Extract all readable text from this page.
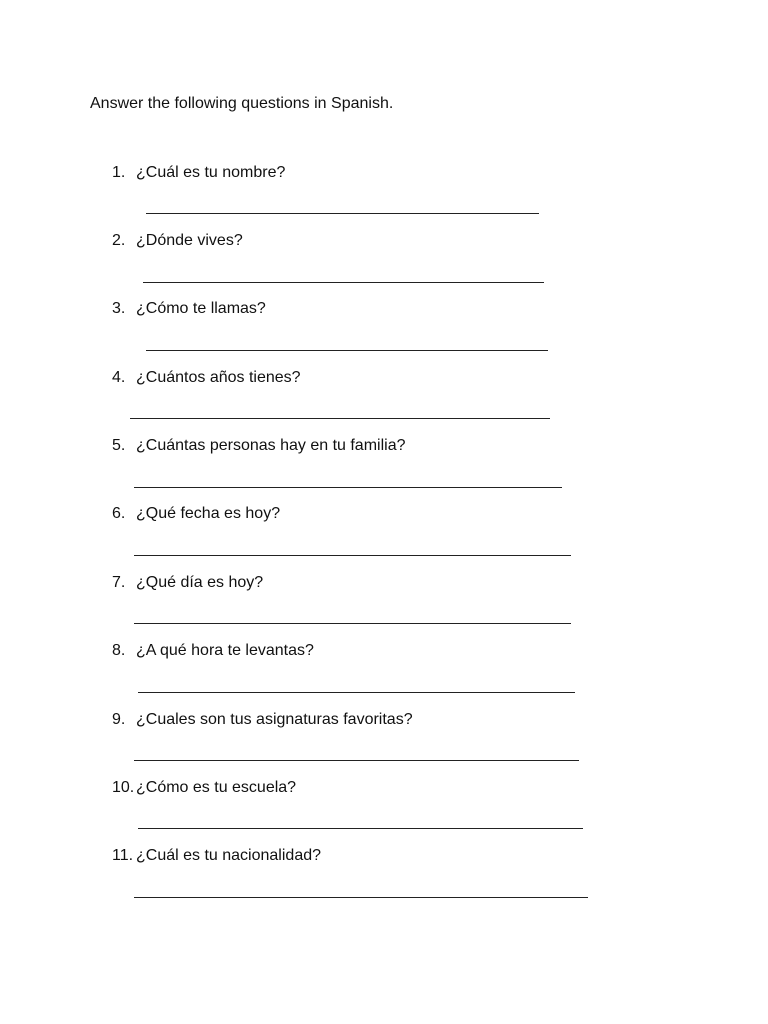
Answer the following questions in Spanish.
1. ¿Cuál es tu nombre?
2. ¿Dónde vives?
3. ¿Cómo te llamas?
4. ¿Cuántos años tienes?
5. ¿Cuántas personas hay en tu familia?
6. ¿Qué fecha es hoy?
7. ¿Qué día es hoy?
8. ¿A qué hora te levantas?
9. ¿Cuales son tus asignaturas favoritas?
10. ¿Cómo es tu escuela?
11. ¿Cuál es tu nacionalidad?
